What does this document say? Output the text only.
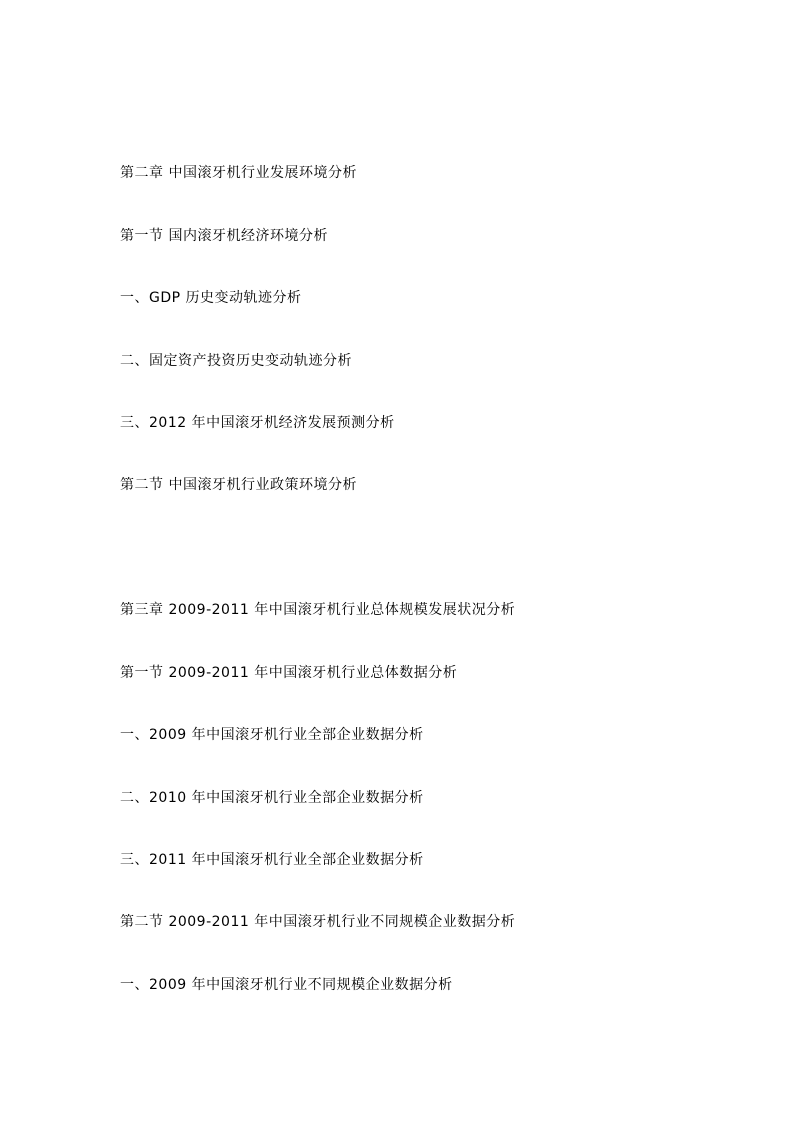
第二章 中国滚牙机行业发展环境分析
第一节 国内滚牙机经济环境分析
一、GDP 历史变动轨迹分析
二、固定资产投资历史变动轨迹分析
三、2012 年中国滚牙机经济发展预测分析
第二节 中国滚牙机行业政策环境分析
第三章 2009-2011 年中国滚牙机行业总体规模发展状况分析
第一节 2009-2011 年中国滚牙机行业总体数据分析
一、2009 年中国滚牙机行业全部企业数据分析
二、2010 年中国滚牙机行业全部企业数据分析
三、2011 年中国滚牙机行业全部企业数据分析
第二节 2009-2011 年中国滚牙机行业不同规模企业数据分析
一、2009 年中国滚牙机行业不同规模企业数据分析
